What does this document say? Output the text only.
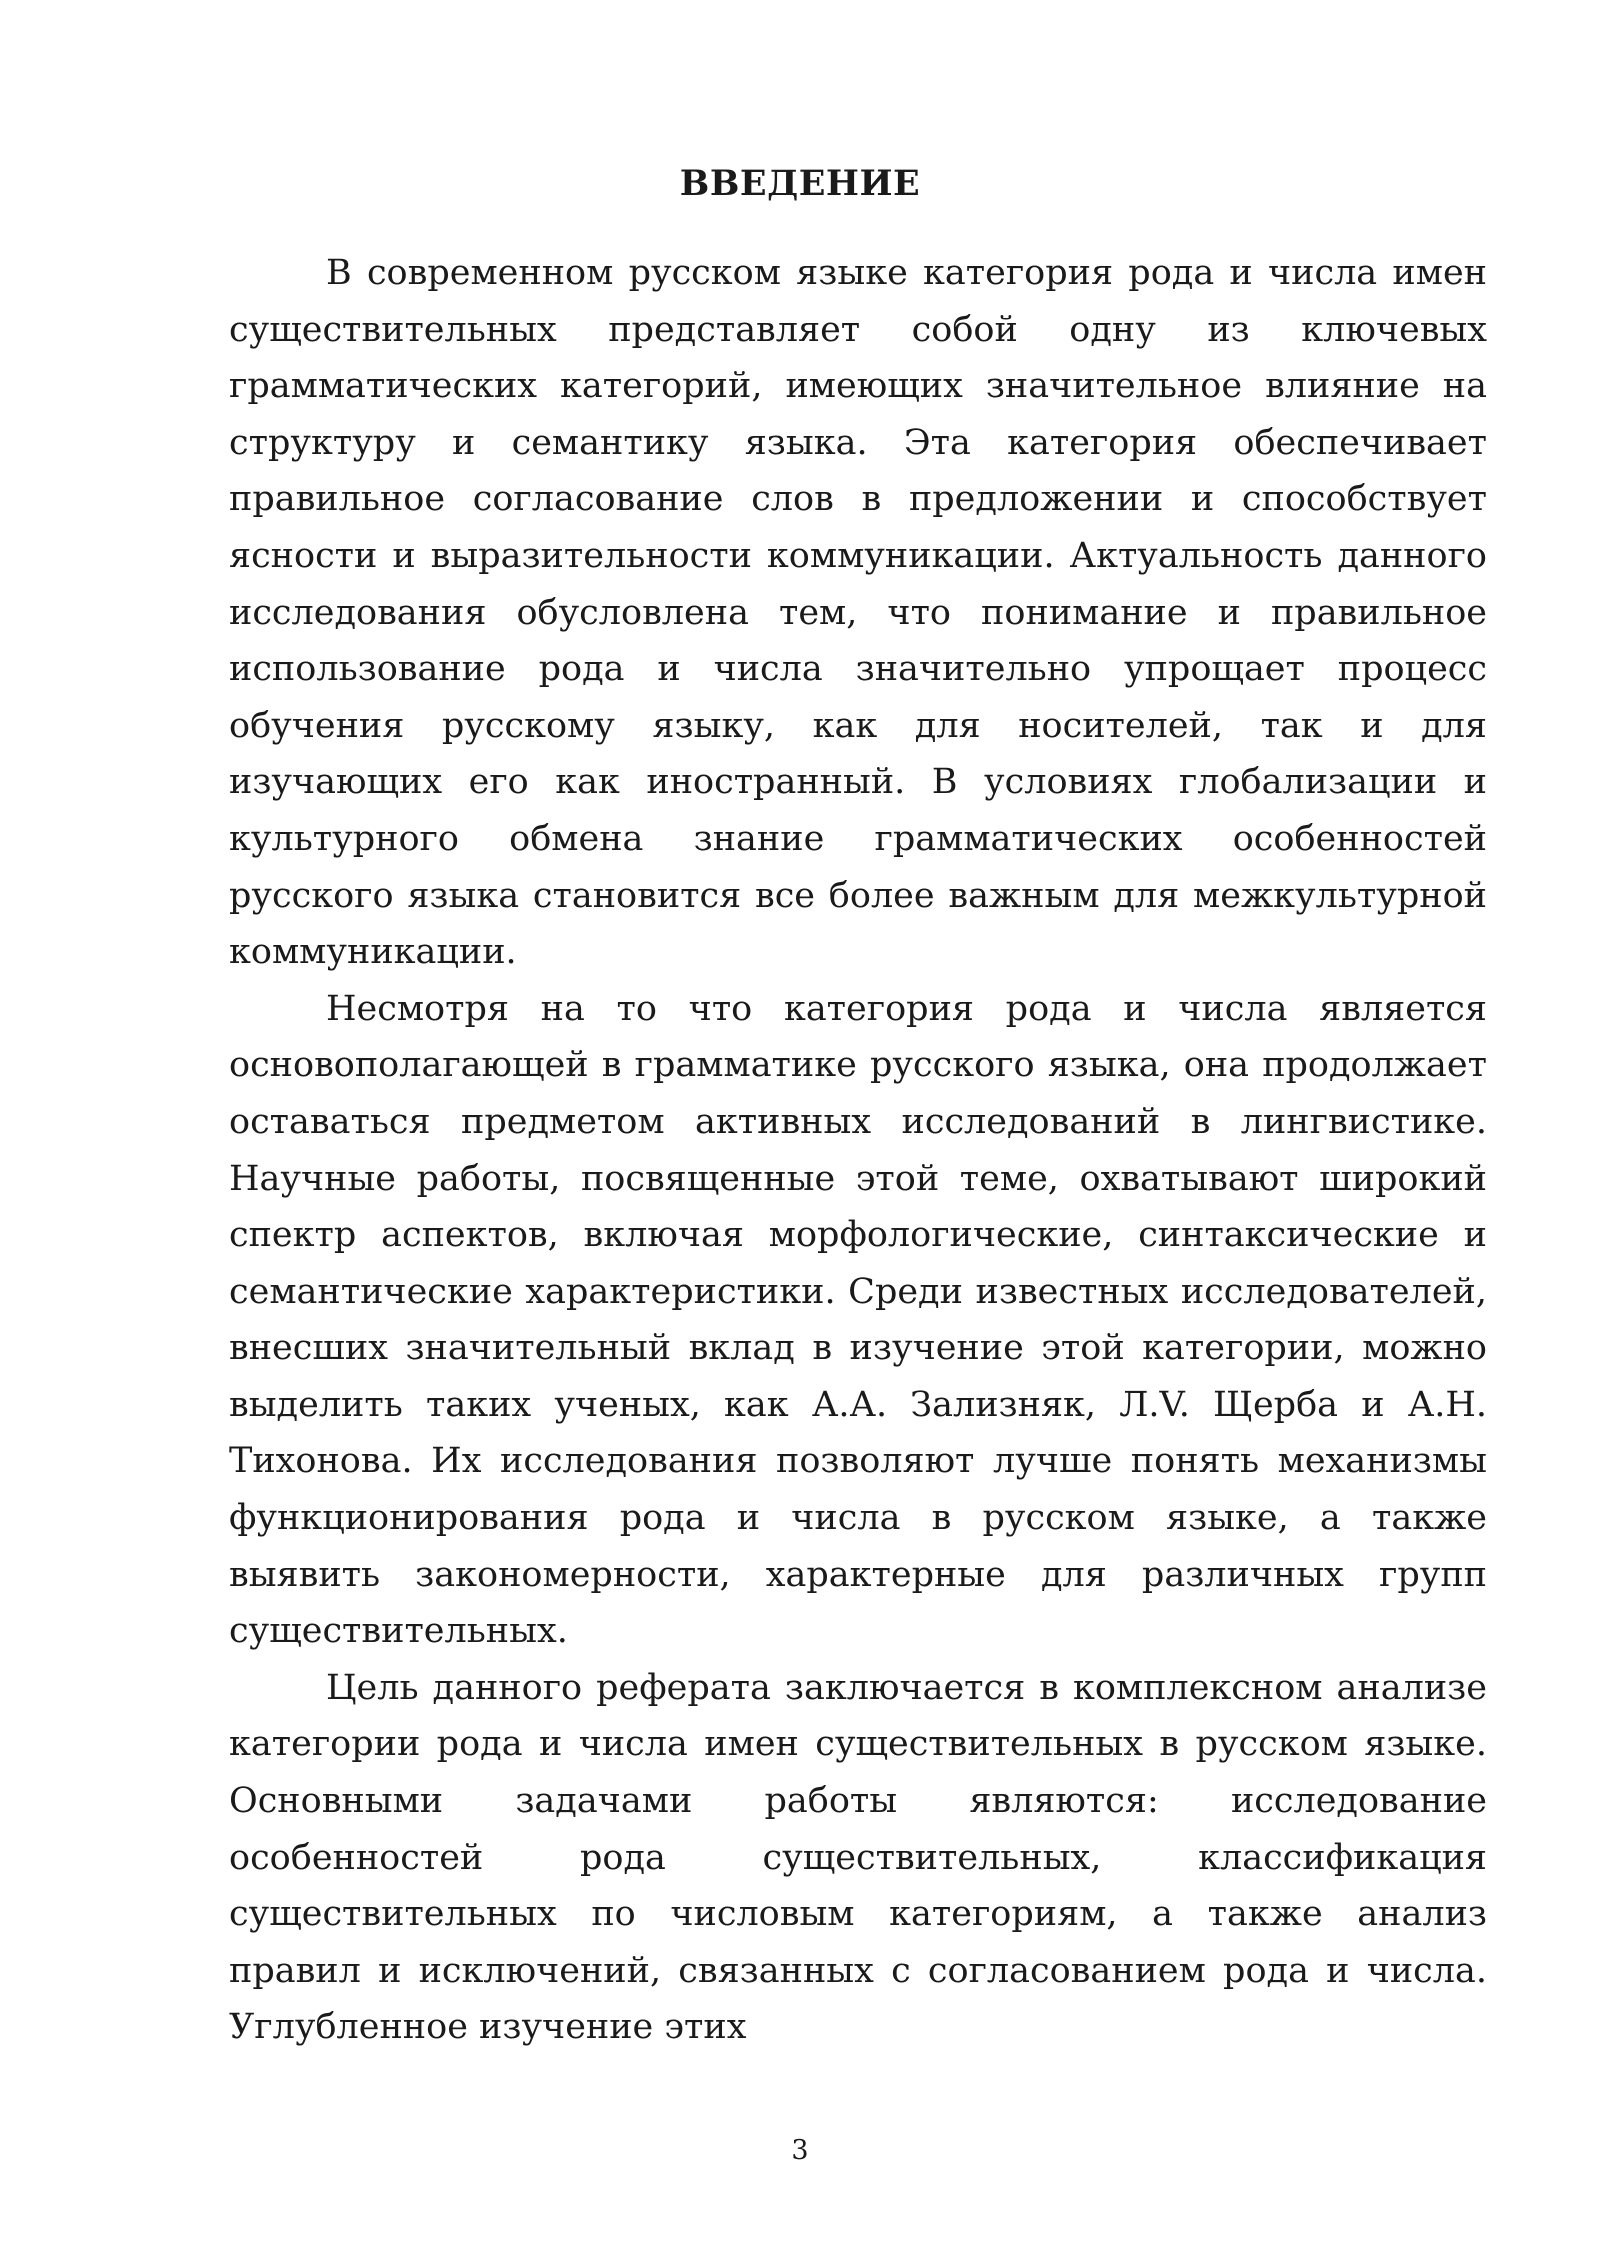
ВВЕДЕНИЕ

В современном русском языке категория рода и числа имен существительных представляет собой одну из ключевых грамматических категорий, имеющих значительное влияние на структуру и семантику языка. Эта категория обеспечивает правильное согласование слов в предложении и способствует ясности и выразительности коммуникации. Актуальность данного исследования обусловлена тем, что понимание и правильное использование рода и числа значительно упрощает процесс обучения русскому языку, как для носителей, так и для изучающих его как иностранный. В условиях глобализации и культурного обмена знание грамматических особенностей русского языка становится все более важным для межкультурной коммуникации.

Несмотря на то что категория рода и числа является основополагающей в грамматике русского языка, она продолжает оставаться предметом активных исследований в лингвистике. Научные работы, посвященные этой теме, охватывают широкий спектр аспектов, включая морфологические, синтаксические и семантические характеристики. Среди известных исследователей, внесших значительный вклад в изучение этой категории, можно выделить таких ученых, как А.А. Зализняк, Л.V. Щерба и А.Н. Тихонова. Их исследования позволяют лучше понять механизмы функционирования рода и числа в русском языке, а также выявить закономерности, характерные для различных групп существительных.

Цель данного реферата заключается в комплексном анализе категории рода и числа имен существительных в русском языке. Основными задачами работы являются: исследование особенностей рода существительных, классификация существительных по числовым категориям, а также анализ правил и исключений, связанных с согласованием рода и числа. Углубленное изучение этих

3
